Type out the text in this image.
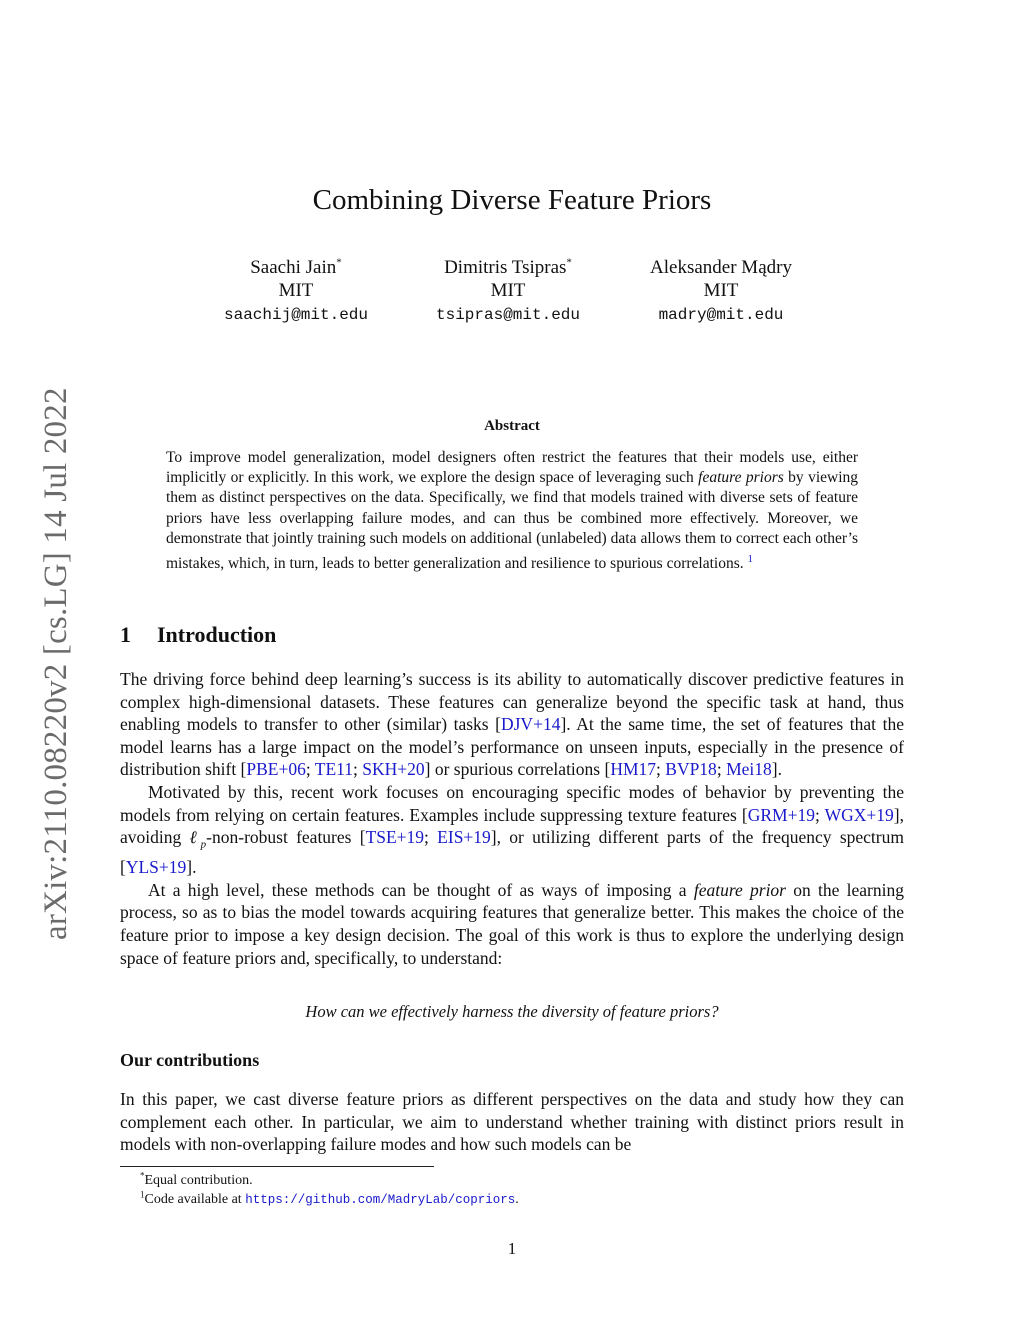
arXiv:2110.08220v2 [cs.LG] 14 Jul 2022
Combining Diverse Feature Priors
Saachi Jain*
MIT
saachij@mit.edu
Dimitris Tsipras*
MIT
tsipras@mit.edu
Aleksander Mądry
MIT
madry@mit.edu
Abstract
To improve model generalization, model designers often restrict the features that their models use, either implicitly or explicitly. In this work, we explore the design space of leveraging such feature priors by viewing them as distinct perspectives on the data. Specifically, we find that models trained with diverse sets of feature priors have less overlapping failure modes, and can thus be combined more effectively. Moreover, we demonstrate that jointly training such models on additional (unlabeled) data allows them to correct each other’s mistakes, which, in turn, leads to better generalization and resilience to spurious correlations. $^1$
1 Introduction

The driving force behind deep learning’s success is its ability to automatically discover predictive features in complex high-dimensional datasets. These features can generalize beyond the specific task at hand, thus enabling models to transfer to other (similar) tasks [DJV+14]. At the same time, the set of features that the model learns has a large impact on the model’s performance on unseen inputs, especially in the presence of distribution shift [PBE+06; TE11; SKH+20] or spurious correlations [HM17; BVP18; Mei18].

Motivated by this, recent work focuses on encouraging specific modes of behavior by preventing the models from relying on certain features. Examples include suppressing texture features [GRM+19; WGX+19], avoiding ℓ$_p$-non-robust features [TSE+19; EIS+19], or utilizing different parts of the frequency spectrum [YLS+19].

At a high level, these methods can be thought of as ways of imposing a feature prior on the learning process, so as to bias the model towards acquiring features that generalize better. This makes the choice of the feature prior to impose a key design decision. The goal of this work is thus to explore the underlying design space of feature priors and, specifically, to understand:

How can we effectively harness the diversity of feature priors?
Our contributions

In this paper, we cast diverse feature priors as different perspectives on the data and study how they can complement each other. In particular, we aim to understand whether training with distinct priors result in models with non-overlapping failure modes and how such models can be

*Equal contribution.
$^1$Code available at https://github.com/MadryLab/copriors.
1
